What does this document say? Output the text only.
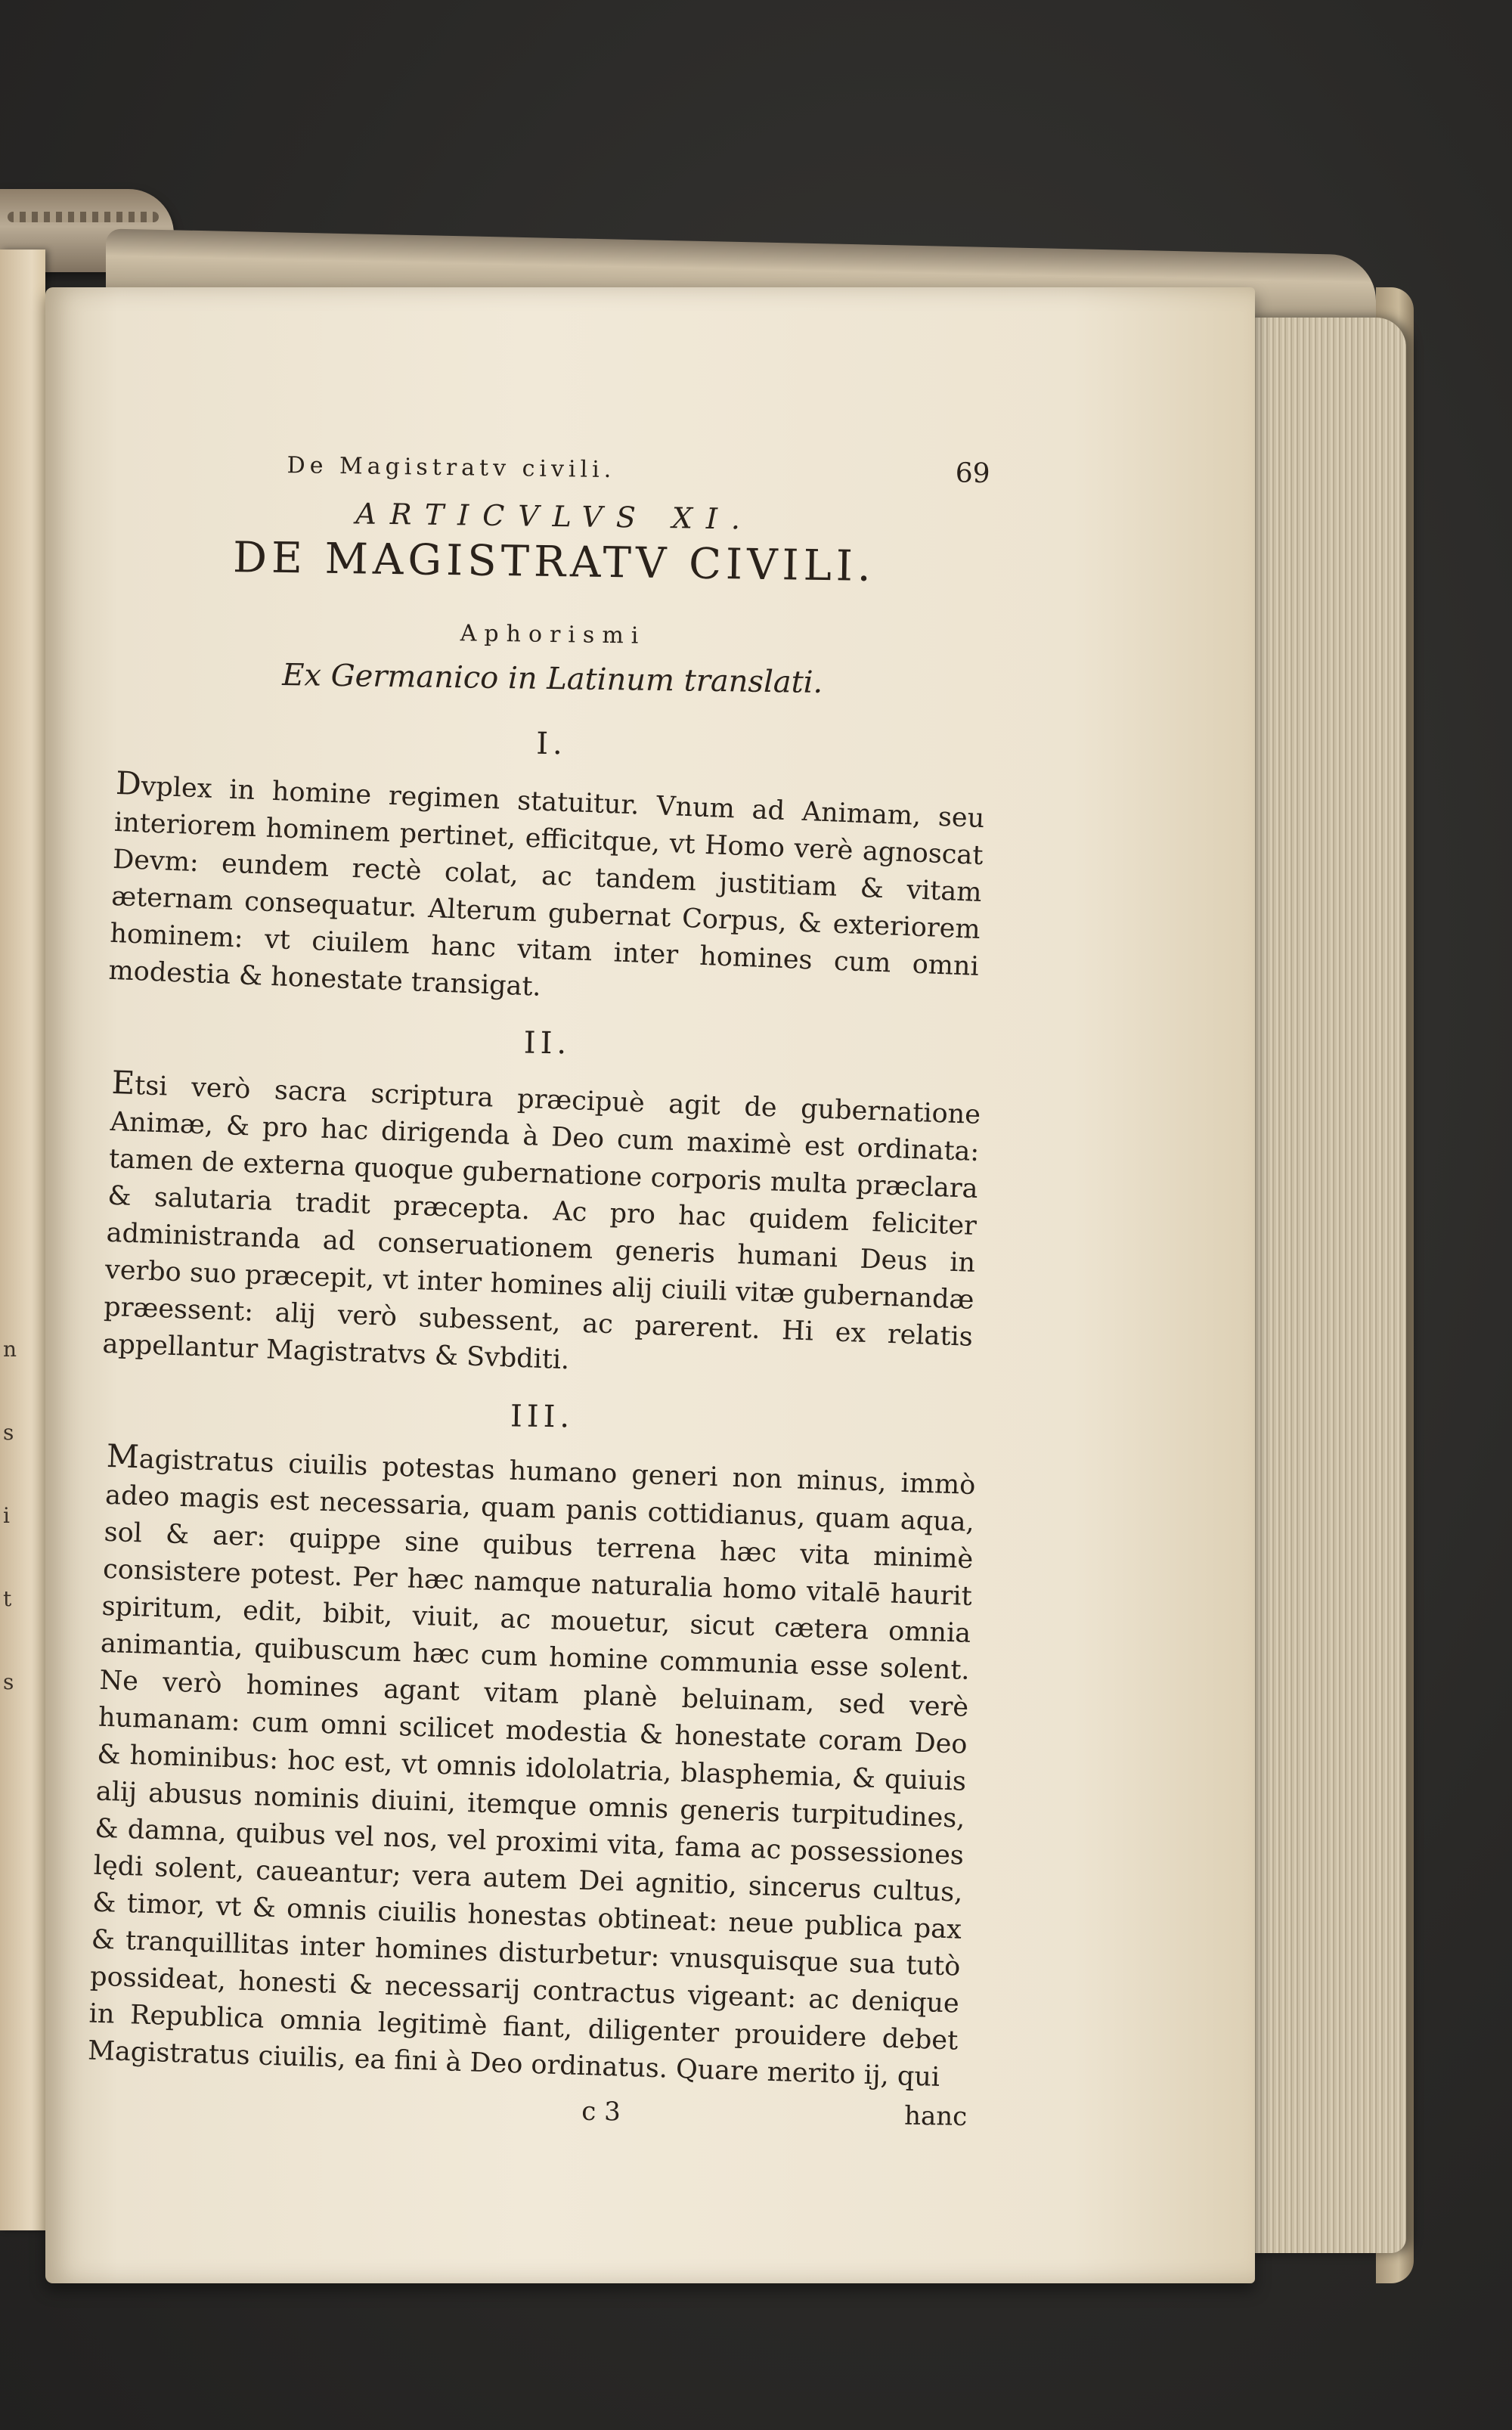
n
s
i
t
s
De Magistratv civili.	69
ARTICVLVS XI.
DE MAGISTRATV CIVILI.
Aphorismi
Ex Germanico in Latinum translati.
I.

Dvplex in homine regimen statuitur. Vnum ad Animam, seu interiorem hominem pertinet, efficitque, vt Homo verè agnoscat Devm: eundem rectè colat, ac tandem justitiam & vitam æternam consequatur. Alterum gubernat Corpus, & exteriorem hominem: vt ciuilem hanc vitam inter homines cum omni modestia & honestate transigat.

II.

Etsi verò sacra scriptura præcipuè agit de gubernatione Animæ, & pro hac dirigenda à Deo cum maximè est ordinata: tamen de externa quoque gubernatione corporis multa præclara & salutaria tradit præcepta. Ac pro hac quidem feliciter administranda ad conseruationem generis humani Deus in verbo suo præcepit, vt inter homines alij ciuili vitæ gubernandæ præessent: alij verò subessent, ac parerent. Hi ex relatis appellantur Magistratvs & Svbditi.

III.

Magistratus ciuilis potestas humano generi non minus, immò adeo magis est necessaria, quam panis cottidianus, quam aqua, sol & aer: quippe sine quibus terrena hæc vita minimè consistere potest. Per hæc namque naturalia homo vitalē haurit spiritum, edit, bibit, viuit, ac mouetur, sicut cætera omnia animantia, quibuscum hæc cum homine communia esse solent. Ne verò homines agant vitam planè beluinam, sed verè humanam: cum omni scilicet modestia & honestate coram Deo & hominibus: hoc est, vt omnis idololatria, blasphemia, & quiuis alij abusus nominis diuini, itemque omnis generis turpitudines, & damna, quibus vel nos, vel proximi vita, fama ac possessiones lędi solent, caueantur; vera autem Dei agnitio, sincerus cultus, & timor, vt & omnis ciuilis honestas obtineat: neue publica pax & tranquillitas inter homines disturbetur: vnusquisque sua tutò possideat, honesti & necessarij contractus vigeant: ac denique in Republica omnia legitimè fiant, diligenter prouidere debet Magistratus ciuilis, ea fini à Deo ordinatus. Quare merito ij, qui

c 3	hanc
